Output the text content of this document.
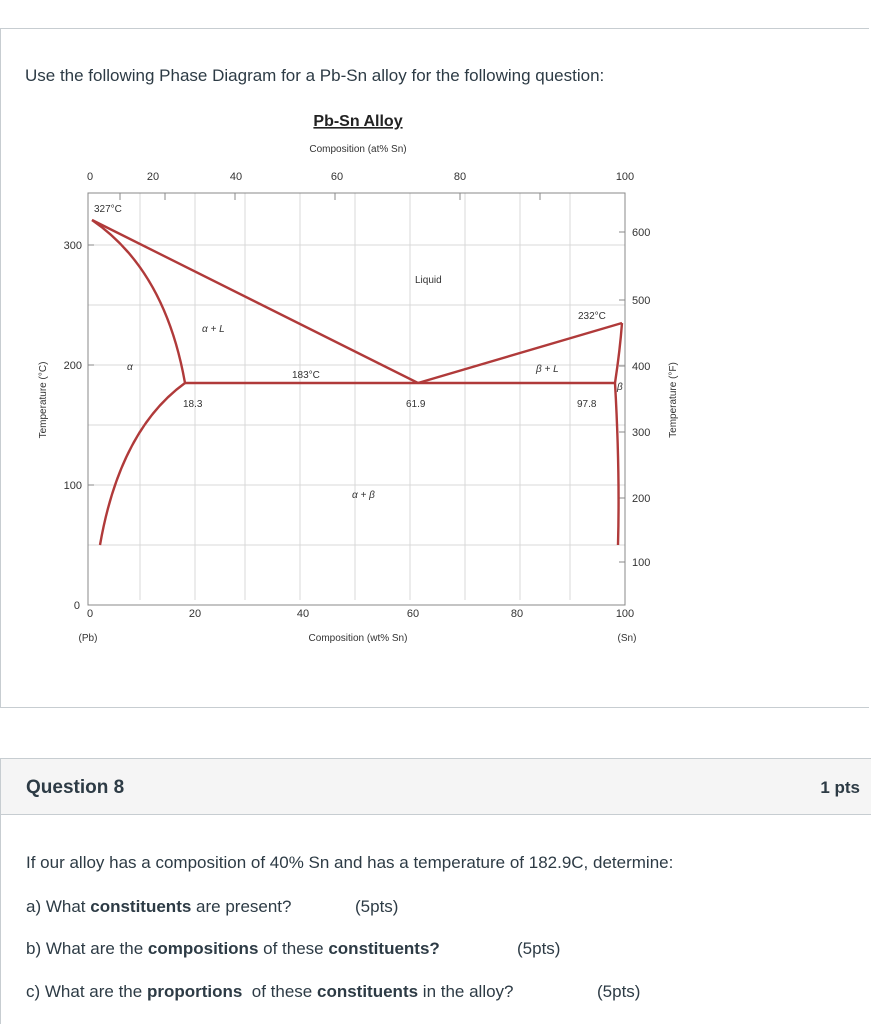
Use the following Phase Diagram for a Pb-Sn alloy for the following question:
Pb-Sn Alloy
Composition (at% Sn)
0	20	40	60	80	100
0	20	40	60	80	100
Composition (wt% Sn)
(Pb)	(Sn)
0
100
200
300
Temperature (°C)
100
200
300
400
500
600
Temperature (°F)
327°C
232°C
183°C
Liquid
α + L
β + L
α + β
α
β
18.3	61.9	97.8
Question 8	1 pts
If our alloy has a composition of 40% Sn and has a temperature of 182.9C, determine:
a) What constituents are present?	(5pts)
b) What are the compositions of these constituents?	(5pts)
c) What are the proportions  of these constituents in the alloy?	(5pts)
